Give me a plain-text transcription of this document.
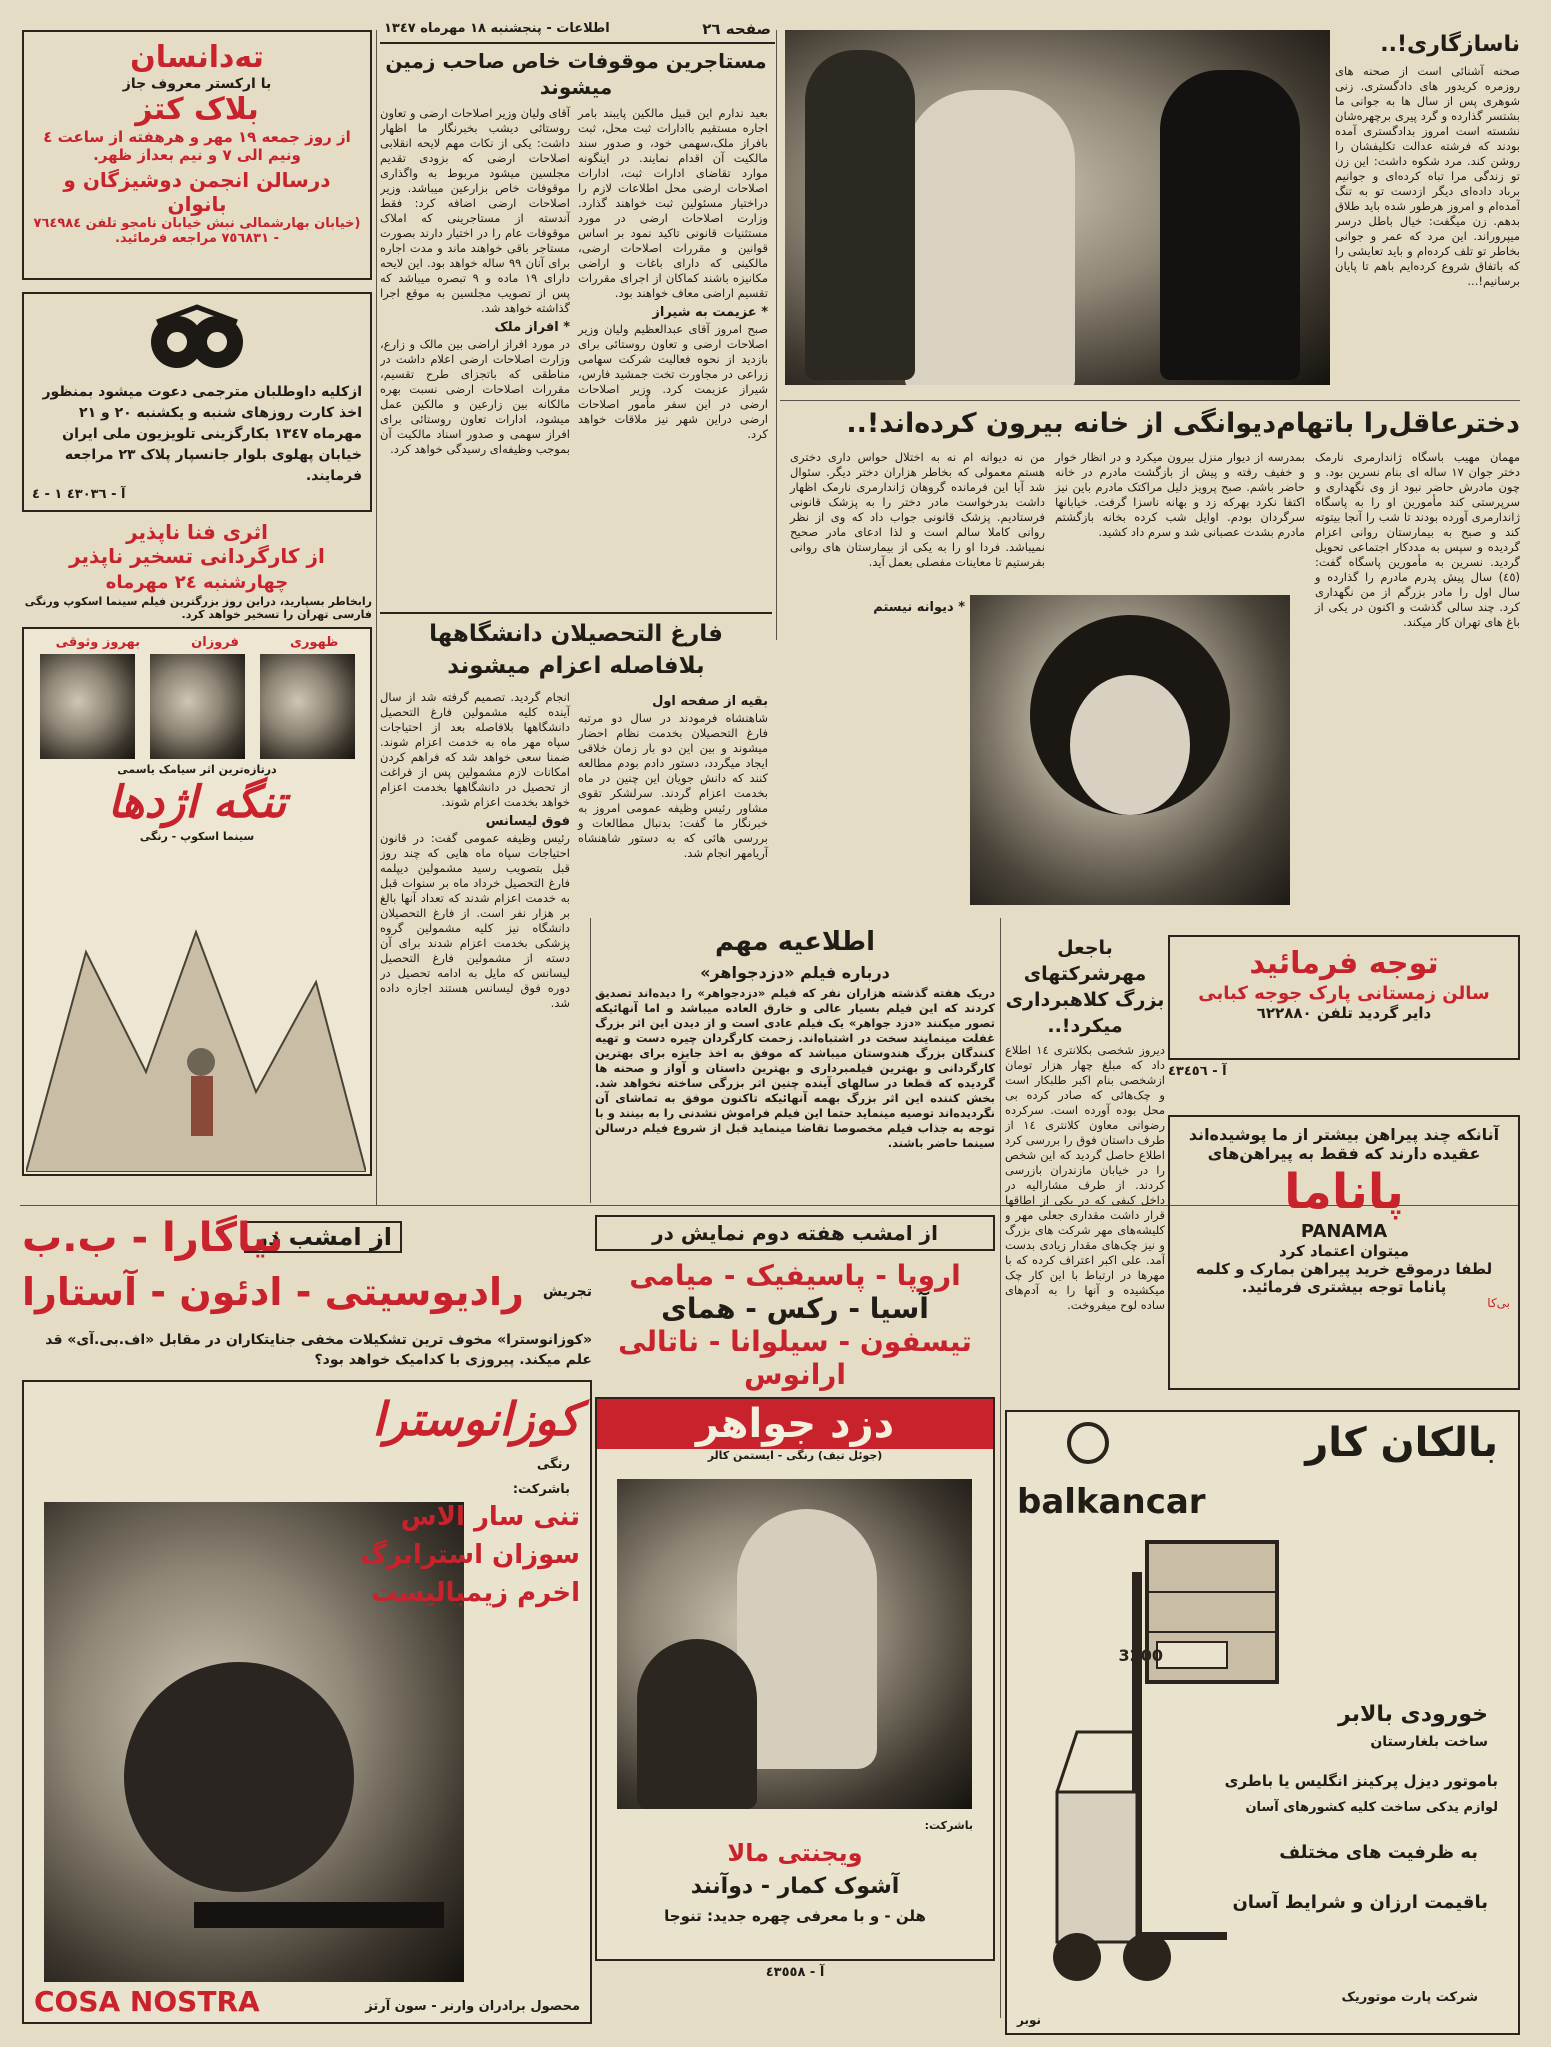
صفحه ٢٦
اطلاعات - پنجشنبه ١٨ مهرماه ١٣٤٧
مستاجرین موقوفات خاص صاحب زمین میشوند
آقای ولیان وزیر اصلاحات ارضی و تعاون روستائی دیشب بخبرنگار ما اظهار داشت: یکی از نکات مهم لایحه انقلابی اصلاحات ارضی که بزودی تقدیم مجلسین میشود مربوط به واگذاری موقوفات خاص بزارعین میباشد. وزیر اصلاحات ارضی اضافه کرد: فقط آندسته از مستاجرینی که املاک موقوفات عام را در اختیار دارند بصورت مستاجر باقی خواهند ماند و مدت اجاره برای آنان ٩٩ ساله خواهد بود. این لایحه دارای ١٩ ماده و ٩ تبصره میباشد که پس از تصویب مجلسین به موقع اجرا گذاشته خواهد شد.
* افراز ملک
در مورد افراز اراضی بین مالک و زارع، وزارت اصلاحات ارضی اعلام داشت در مناطقی که باتجزای طرح تقسیم، مقررات اصلاحات ارضی نسبت بهره مالکانه بین زارعین و مالکین عمل میشود، ادارات تعاون روستائی برای افراز سهمی و صدور اسناد مالکیت آن بموجب وظیفه‌ای رسیدگی خواهد کرد.
بعید ندارم این قبیل مالکین پایبند بامر اجاره مستقیم باادارات ثبت محل، ثبت بافراز ملک،سهمی خود، و صدور سند مالکیت آن اقدام نمایند. در اینگونه موارد تقاضای ادارات ثبت، ادارات اصلاحات ارضی محل اطلاعات لازم را دراختیار مسئولین ثبت خواهند گذارد. وزارت اصلاحات ارضی در مورد مستثنیات قانونی تاکید نمود بر اساس قوانین و مقررات اصلاحات ارضی، مالکینی که دارای باغات و اراضی مکانیزه باشند کماکان از اجرای مقررات تقسیم اراضی معاف خواهند بود.
* عزیمت به شیراز
صبح امروز آقای عبدالعظیم ولیان وزیر اصلاحات ارضی و تعاون روستائی برای بازدید از نحوه فعالیت شرکت سهامی زراعی در مجاورت تخت جمشید فارس، شیراز عزیمت کرد. وزیر اصلاحات ارضی در این سفر مأمور اصلاحات ارضی دراین شهر نیز ملاقات خواهد کرد.
ناسازگاری!..
صحنه آشنائی است از صحنه های روزمره کریدور های دادگستری. زنی شوهری پس از سال ها به جوانی ما بشتسر گذارده و گرد پیری برچهره‌شان نشسته است امروز بدادگستری آمده بودند که فرشته عدالت تکلیفشان را روشن کند. مرد شکوه داشت: این زن تو زندگی مرا تباه کرده‌ای و جوانیم برباد داده‌ای دیگر ازدست تو به تنگ آمده‌ام و امروز هرطور شده باید طلاق بدهم. زن میگفت: خیال باطل درسر میپروراند. این مرد که عمر و جوانی بخاطر تو تلف کرده‌ام و باید تعایشی را که باتفاق شروع کرده‌ایم باهم تا پایان برسانیم!...
دخترعاقل‌را باتهام‌دیوانگی از خانه بیرون کرده‌اند!..
مهمان مهیب باسگاه ژاندارمری نارمک دختر جوان ١٧ ساله ای بنام نسرین بود. و چون مادرش حاضر نبود از وی نگهداری و سرپرستی کند مأمورین او را به پاسگاه ژاندارمری آورده بودند تا شب را آنجا بیتوته کند و صبح به بیمارستان روانی اعزام گردیده و سپس به مددکار اجتماعی تحویل گردید. نسرین به مأمورین پاسگاه گفت: (٤٥) سال پیش پدرم مادرم را گذارده و سال اول را مادر بزرگم از من نگهداری کرد. چند سالی گذشت و اکنون در یکی از باغ های تهران کار میکند.
بمدرسه از دیوار منزل بیرون میکرد و در انظار خوار و خفیف رفته و پیش از بازگشت مادرم در خانه حاضر باشم. صبح پرویز دلیل مراکتک مادرم باین نیز اکتفا نکرد بهرکه زد و بهانه ناسزا گرفت. خیابانها سرگردان بودم. اوایل شب کرده بخانه بازگشتم مادرم بشدت عصبانی شد و سرم داد کشید.
من نه دیوانه ام نه به اختلال حواس داری دختری هستم معمولی که بخاطر هزاران دختر دیگر. سئوال شد آیا این فرمانده گروهان ژاندارمری نارمک اظهار داشت بدرخواست مادر دختر را به پزشک قانونی فرستادیم. پزشک قانونی جواب داد که وی از نظر روانی کاملا سالم است و لذا ادعای مادر صحیح نمیباشد. فردا او را به یکی از بیمارستان های روانی بفرستیم تا معاینات مفصلی بعمل آید.
* دیوانه نیستم
فارغ التحصیلان دانشگاهها بلافاصله اعزام میشوند
انجام گردید. تصمیم گرفته شد از سال آینده کلیه مشمولین فارغ التحصیل دانشگاهها بلافاصله بعد از احتیاجات سپاه مهر ماه به خدمت اعزام شوند. ضمنا سعی خواهد شد که فراهم کردن امکانات لازم مشمولین پس از فراغت از تحصیل در دانشگاهها بخدمت اعزام خواهد بخدمت اعزام شوند.
فوق لیسانس
رئیس وظیفه عمومی گفت: در قانون احتیاجات سپاه ماه هایی که چند روز قبل بتصویب رسید مشمولین دیپلمه فارغ التحصیل خرداد ماه بر سنوات قبل به خدمت اعزام شدند که تعداد آنها بالغ بر هزار نفر است. از فارغ التحصیلان دانشگاه نیز کلیه مشمولین گروه پزشکی بخدمت اعزام شدند برای آن دسته از مشمولین فارغ التحصیل لیسانس که مایل به ادامه تحصیل در دوره فوق لیسانس هستند اجازه داده شد.
بقیه از صفحه اول
شاهنشاه فرمودند در سال دو مرتبه فارغ التحصیلان بخدمت نظام احضار میشوند و بین این دو بار زمان خلاقی ایجاد میگردد، دستور دادم بودم مطالعه کنند که دانش جویان این چنین در ماه بخدمت اعزام گردند. سرلشکر تقوی مشاور رئیس وظیفه عمومی امروز به خبرنگار ما گفت: بدنبال مطالعات و بررسی هائی که به دستور شاهنشاه آریامهر انجام شد.
اطلاعیه مهم
درباره فیلم «دزدجواهر»
دریک هفته گذشته هزاران نفر که فیلم «دزدجواهر» را دیده‌اند تصدیق کردند که این فیلم بسیار عالی و خارق العاده میباشد و اما آنهائیکه تصور میکنند «دزد جواهر» یک فیلم عادی است و از دیدن این اثر بزرگ غفلت مینمایند سخت در اشتباه‌اند. زحمت کارگردان چیره دست و تهیه کنندگان بزرگ هندوستان میباشد که موفق به اخذ جایزه برای بهترین کارگردانی و بهترین فیلمبرداری و بهترین داستان و آواز و صحنه ها گردیده که قطعا در سالهای آینده چنین اثر بزرگی ساخته نخواهد شد. بخش کننده این اثر بزرگ بهمه آنهائیکه تاکنون موفق به تماشای آن نگردیده‌اند توصیه مینماید حتما این فیلم فراموش نشدنی را به بینند و با توجه به جذاب فیلم مخصوصا تقاضا مینماید قبل از شروع فیلم درسالن سینما حاضر باشند.
باجعل مهرشرکتهای بزرگ کلاهبرداری میکرد!..
دیروز شخصی بکلانتری ١٤ اطلاع داد که مبلغ چهار هزار تومان ازشخصی بنام اکبر طلبکار است و چک‌هائی که صادر کرده بی محل بوده آورده است. سرکرده رضوانی معاون کلانتری ١٤ از طرف داستان فوق را بررسی کرد اطلاع حاصل گردید که این شخص را در خیابان مازندران بازرسی کردند. از طرف مشارالیه در داخل کیفی که در یکی از اطاقها قرار داشت مقداری جعلی مهر و کلیشه‌های مهر شرکت های بزرگ و نیز چک‌های مقدار زیادی بدست آمد. علی اکبر اعتراف کرده که با مهرها در ارتباط با این کار چک میکشیده و آنها را به آدم‌های ساده لوح میفروخت.
ته‌دانسان
با ارکستر معروف جاز
بلاک کتز
از روز جمعه ١٩ مهر و هرهفته از ساعت ٤ ونیم الی ٧ و نیم بعداز ظهر.
درسالن انجمن دوشیزگان و بانوان
(خیابان بهارشمالی نبش خیابان نامجو تلفن ٧٦٤٩٨٤ - ٧٥٦٨٣١ مراجعه فرمائید.
ازکلیه داوطلبان مترجمی دعوت میشود بمنظور اخذ کارت روزهای شنبه و یکشنبه ٢٠ و ٢١ مهرماه ١٣٤٧ بکارگزینی تلویزیون ملی ایران خیابان پهلوی بلوار جانسپار پلاک ٢٣ مراجعه فرمایند.
آ - ٤٣٠٣٦ ١ - ٤
اثری فنا ناپذیر
از کارگردانی تسخیر ناپذیر
چهارشنبه ٢٤ مهرماه
رابخاطر بسپارید، دراین روز بزرگترین فیلم سینما اسکوپ ورنگی فارسی تهران را تسخیر خواهد کرد.
بهروز وثوقی	فروزان	ظهوری
درتازه‌ترین اثر سیامک یاسمی
تنگه اژدها
سینما اسکوپ - رنگی
از امشب در
نیاگارا - ب.ب
رادیوسیتی - ادئون - آستارا تجریش
«کوزانوسترا» مخوف ترین تشکیلات مخفی جنایتکاران در مقابل «اف.بی.آی» قد علم میکند. پیروزی با کدامیک خواهد بود؟
کوزانوسترا
رنگی
باشرکت:
تنی سار الاس
سوزان استرابرگ
اخرم زیمبالیست
محصول برادران وارنر - سون آرتز
COSA NOSTRA
توجه فرمائید
سالن زمستانی پارک جوجه کبابی
دایر گردید تلفن ٦٢٢٨٨٠
آ - ٤٣٤٥٦
آنانکه چند پیراهن بیشتر از ما پوشیده‌اند
عقیده دارند که فقط به پیراهن‌های
پاناما
PANAMA
میتوان اعتماد کرد
لطفا درموقع خرید پیراهن بمارک و کلمه پاناما توجه بیشتری فرمائید.
بی‌کا
از امشب هفته دوم نمایش در
اروپا - پاسیفیک - میامی
آسیا - رکس - همای
تیسفون - سیلوانا - ناتالی
ارانوس
دزد جواهر
(جوئل تیف) رنگی - ایستمن کالر
باشرکت:
ویجنتی مالا
آشوک کمار - دوآنند
هلن - و با معرفی چهره جدید: تنوجا
آ - ٤٣٥٥٨
بالکان کار
balkancar
3200
خورودی بالابر
ساخت بلغارستان
باموتور دیزل پرکینز انگلیس یا باطری
لوازم یدکی ساخت کلیه کشورهای آسان
به ظرفیت های مختلف
باقیمت ارزان و شرایط آسان
شرکت پارت موتوریک
نوبر
